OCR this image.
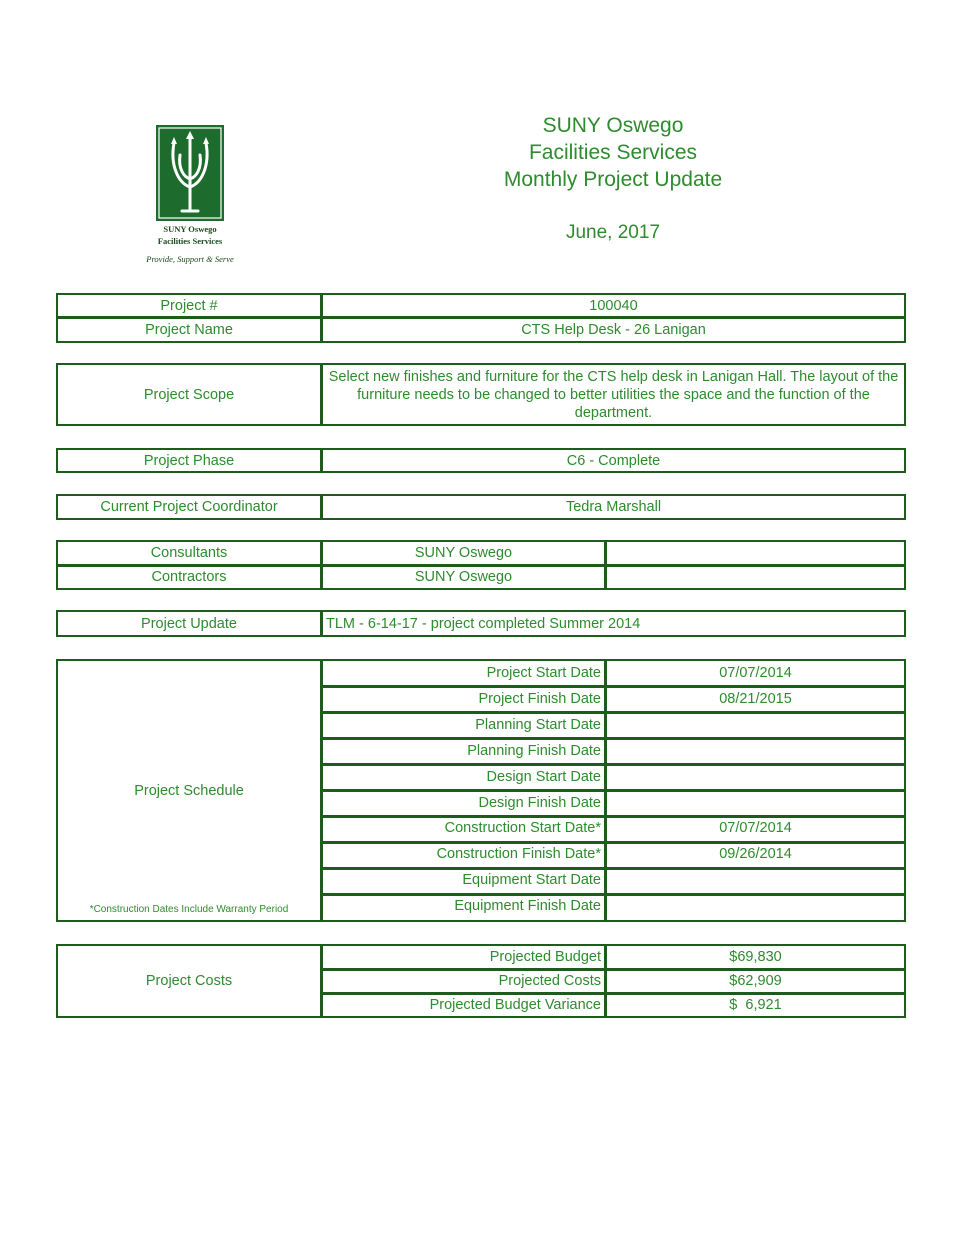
SUNY Oswego
Facilities Services
Provide, Support & Serve
SUNY Oswego
Facilities Services
Monthly Project Update
June, 2017
Project #	100040
Project Name	CTS Help Desk - 26 Lanigan
Project Scope
Select new finishes and furniture for the CTS help desk in Lanigan Hall. The layout of the furniture needs to be changed to better utilities the space and the function of the department.
Project Phase	C6 - Complete
Current Project Coordinator	Tedra Marshall
Consultants	SUNY Oswego
Contractors	SUNY Oswego
Project Update	TLM - 6-14-17 - project completed Summer 2014
Project Schedule
*Construction Dates Include Warranty Period
Project Start Date	07/07/2014
Project Finish Date	08/21/2015
Planning Start Date
Planning Finish Date
Design Start Date
Design Finish Date
Construction Start Date*	07/07/2014
Construction Finish Date*	09/26/2014
Equipment Start Date
Equipment Finish Date
Project Costs
Projected Budget	$69,830
Projected Costs	$62,909
Projected Budget Variance	$  6,921
